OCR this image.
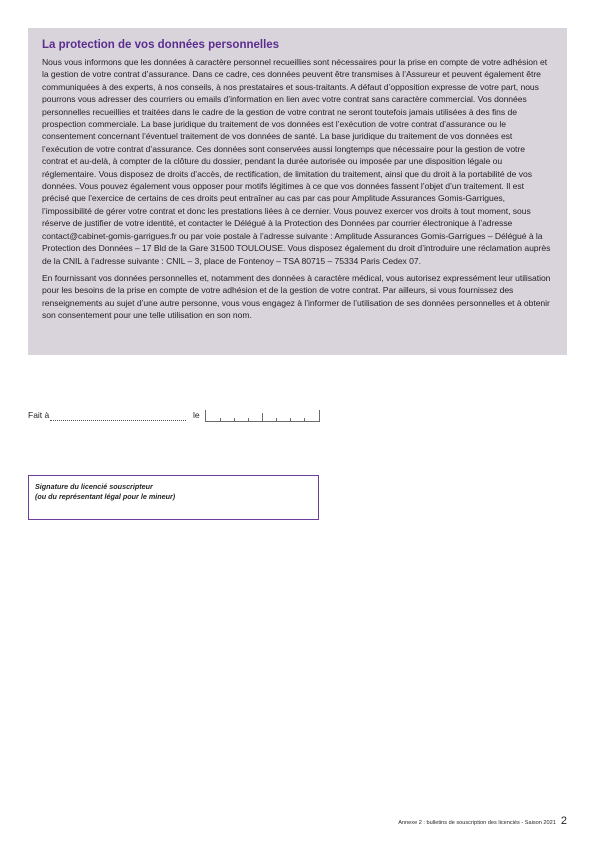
La protection de vos données personnelles

Nous vous informons que les données à caractère personnel recueillies sont nécessaires pour la prise en compte de votre adhésion et la gestion de votre contrat d’assurance. Dans ce cadre, ces données peuvent être transmises à l’Assureur et peuvent également être communiquées à des experts, à nos conseils, à nos prestataires et sous-traitants. A défaut d’opposition expresse de votre part, nous pourrons vous adresser des courriers ou emails d’information en lien avec votre contrat sans caractère commercial. Vos données personnelles recueillies et traitées dans le cadre de la gestion de votre contrat ne seront toutefois jamais utilisées à des fins de prospection commerciale. La base juridique du traitement de vos données est l’exécution de votre contrat d’assurance ou le consentement concernant l’éventuel traitement de vos données de santé. La base juridique du traitement de vos données est l’exécution de votre contrat d’assurance. Ces données sont conservées aussi longtemps que nécessaire pour la gestion de votre contrat et au-delà, à compter de la clôture du dossier, pendant la durée autorisée ou imposée par une disposition légale ou réglementaire. Vous disposez de droits d’accès, de rectification, de limitation du traitement, ainsi que du droit à la portabilité de vos données. Vous pouvez également vous opposer pour motifs légitimes à ce que vos données fassent l’objet d’un traitement. Il est précisé que l’exercice de certains de ces droits peut entraîner au cas par cas pour Amplitude Assurances Gomis-Garrigues, l’impossibilité de gérer votre contrat et donc les prestations liées à ce dernier. Vous pouvez exercer vos droits à tout moment, sous réserve de justifier de votre identité, et contacter le Délégué à la Protection des Données par courrier électronique à l’adresse contact@cabinet-gomis-garrigues.fr ou par voie postale à l’adresse suivante : Amplitude Assurances Gomis-Garrigues – Délégué à la Protection des Données – 17 Bld de la Gare 31500 TOULOUSE. Vous disposez également du droit d’introduire une réclamation auprès de la CNIL à l’adresse suivante : CNIL – 3, place de Fontenoy – TSA 80715 – 75334 Paris Cedex 07.

En fournissant vos données personnelles et, notamment des données à caractère médical, vous autorisez expressément leur utilisation pour les besoins de la prise en compte de votre adhésion et de la gestion de votre contrat. Par ailleurs, si vous fournissez des renseignements au sujet d’une autre personne, vous vous engagez à l’informer de l’utilisation de ses données personnelles et à obtenir son consentement pour une telle utilisation en son nom.

Fait à	le
Signature du licencié souscripteur
(ou du représentant légal pour le mineur)
Annexe 2 : bulletins de souscription des licenciés - Saison 2021 2
